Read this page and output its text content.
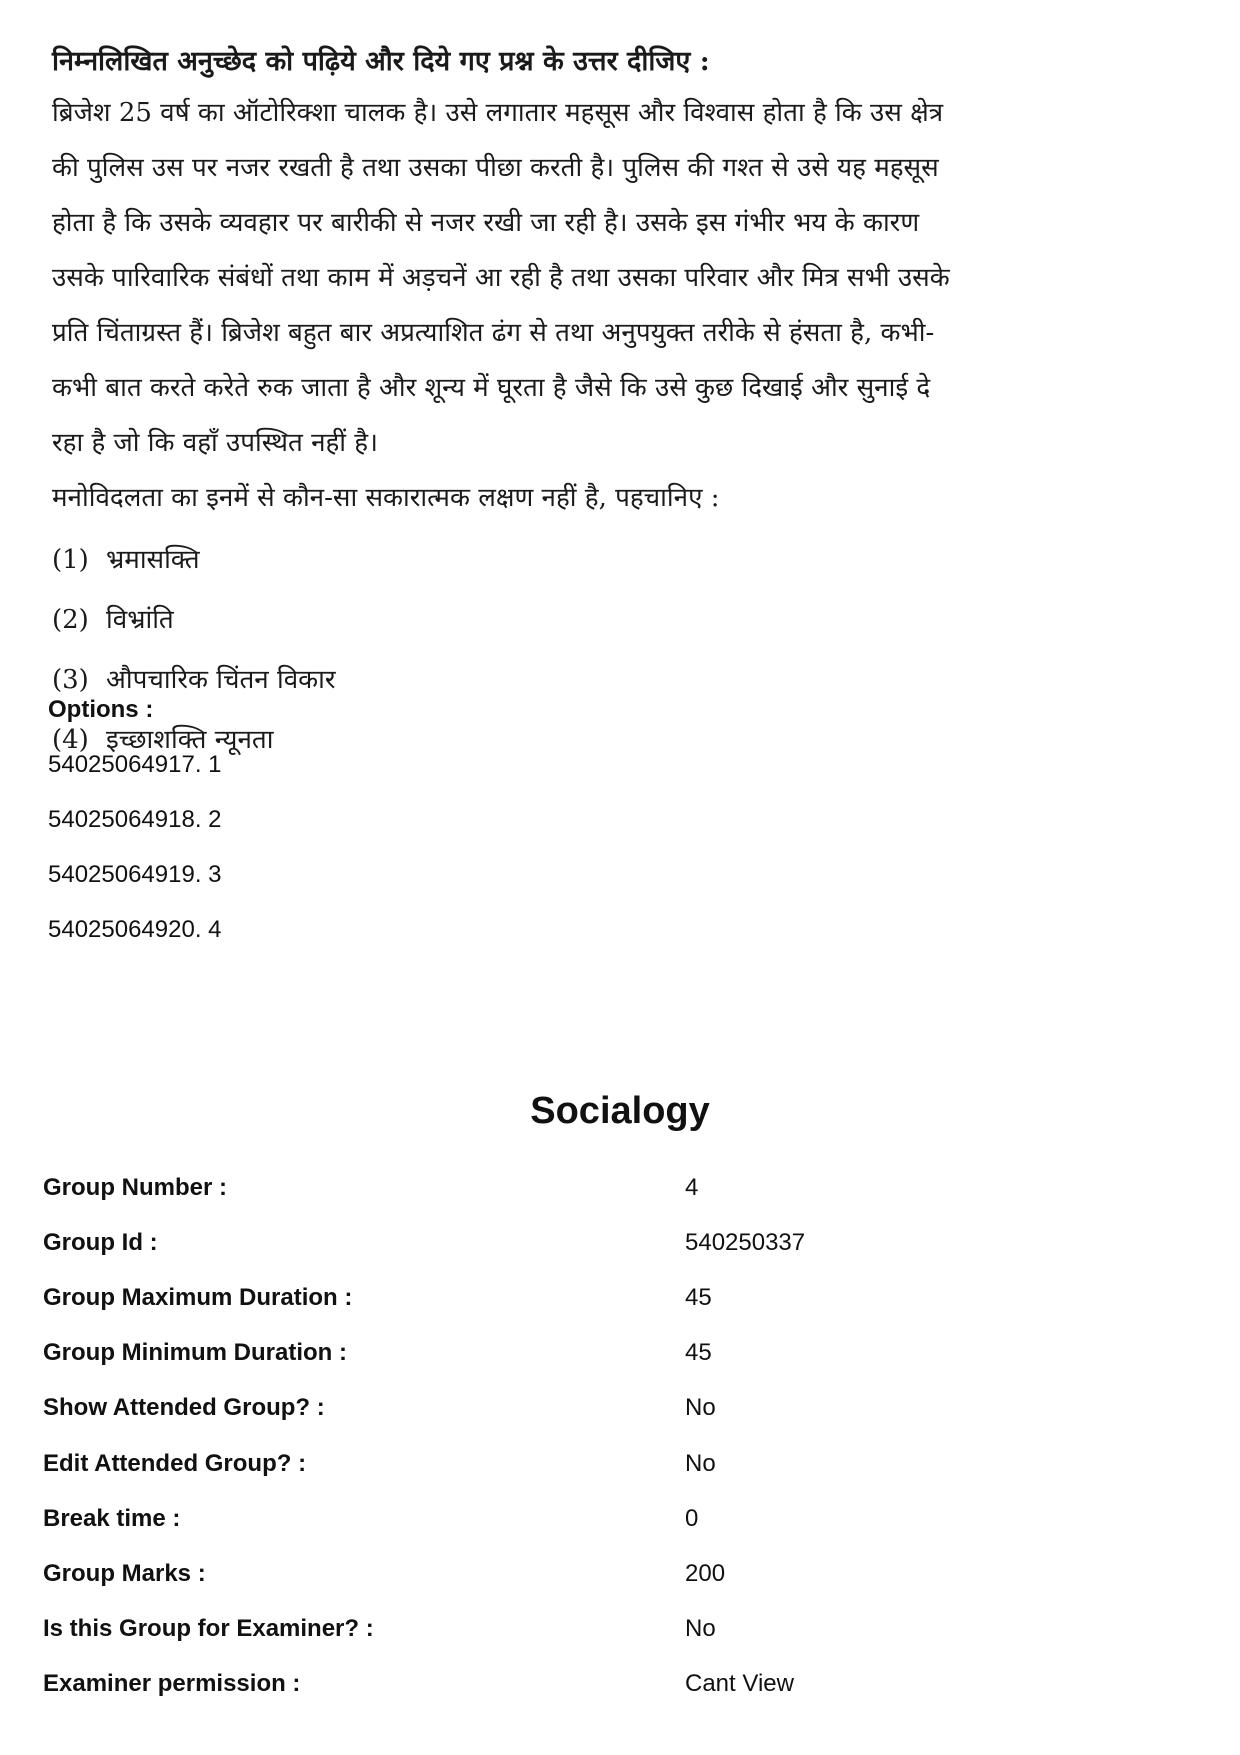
निम्नलिखित अनुच्छेद को पढ़िये और दिये गए प्रश्न के उत्तर दीजिए :

ब्रिजेश 25 वर्ष का ऑटोरिक्शा चालक है। उसे लगातार महसूस और विश्वास होता है कि उस क्षेत्र की पुलिस उस पर नजर रखती है तथा उसका पीछा करती है। पुलिस की गश्त से उसे यह महसूस होता है कि उसके व्यवहार पर बारीकी से नजर रखी जा रही है। उसके इस गंभीर भय के कारण उसके पारिवारिक संबंधों तथा काम में अड़चनें आ रही है तथा उसका परिवार और मित्र सभी उसके प्रति चिंताग्रस्त हैं। ब्रिजेश बहुत बार अप्रत्याशित ढंग से तथा अनुपयुक्त तरीके से हंसता है, कभी-कभी बात करते करेते रुक जाता है और शून्य में घूरता है जैसे कि उसे कुछ दिखाई और सुनाई दे रहा है जो कि वहाँ उपस्थित नहीं है।

मनोविदलता का इनमें से कौन-सा सकारात्मक लक्षण नहीं है, पहचानिए :

(1) भ्रमासक्ति
(2) विभ्रांति
(3) औपचारिक चिंतन विकार
(4) इच्छाशक्ति न्यूनता
Options :
54025064917. 1
54025064918. 2
54025064919. 3
54025064920. 4
Socialogy
Group Number :	4
Group Id :	540250337
Group Maximum Duration :	45
Group Minimum Duration :	45
Show Attended Group? :	No
Edit Attended Group? :	No
Break time :	0
Group Marks :	200
Is this Group for Examiner? :	No
Examiner permission :	Cant View
